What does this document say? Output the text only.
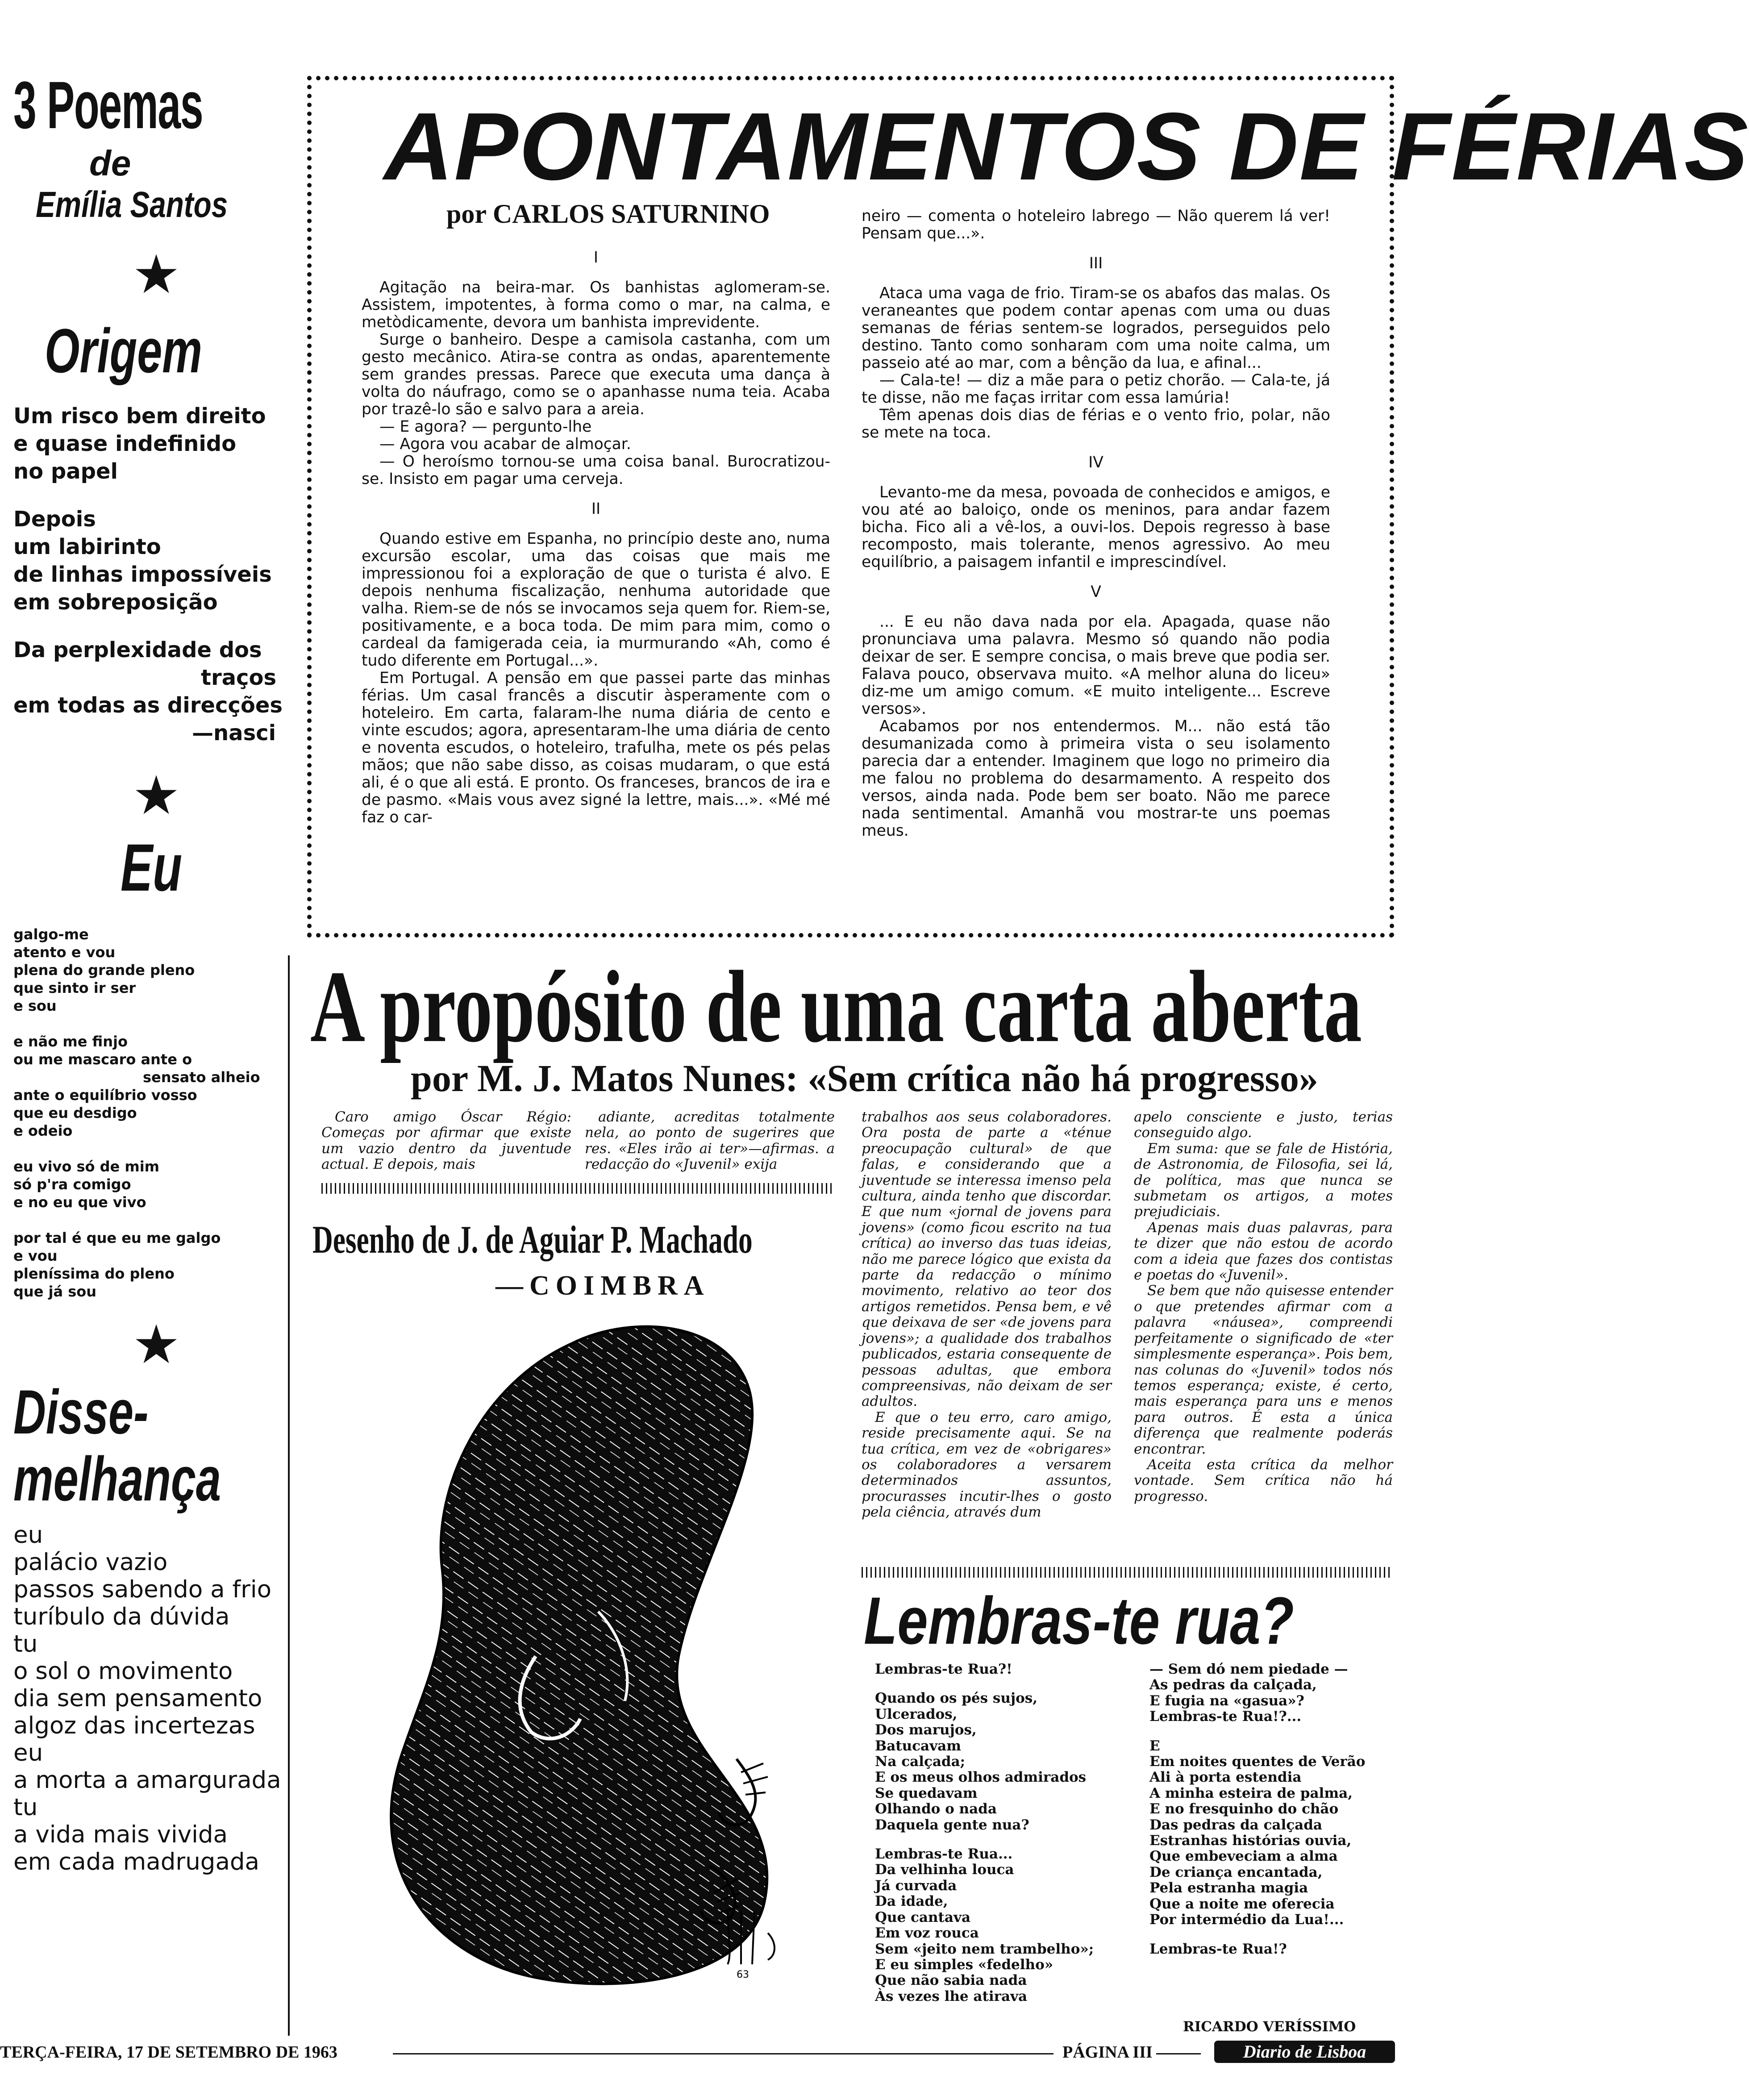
3 Poemas
de
Emília Santos
★
Origem
Um risco bem direito
e quase indefinido
no papel
Depois
um labirinto
de linhas impossíveis
em sobreposição
Da perplexidade dos
traços
em todas as direcções
—nasci
★
Eu
galgo-me
atento e vou
plena do grande pleno
que sinto ir ser
e sou
e não me finjo
ou me mascaro ante o
sensato alheio
ante o equilíbrio vosso
que eu desdigo
e odeio
eu vivo só de mim
só p'ra comigo
e no eu que vivo
por tal é que eu me galgo
e vou
pleníssima do pleno
que já sou
★
Disse-
melhança
eu
palácio vazio
passos sabendo a frio
turíbulo da dúvida
tu
o sol o movimento
dia sem pensamento
algoz das incertezas
eu
a morta a amargurada
tu
a vida mais vivida
em cada madrugada
APONTAMENTOS DE FÉRIAS
por CARLOS SATURNINO

I

Agitação na beira-mar. Os banhistas aglomeram-se. Assistem, impotentes, à forma como o mar, na calma, e metòdicamente, devora um banhista imprevidente.

Surge o banheiro. Despe a camisola castanha, com um gesto mecânico. Atira-se contra as ondas, aparentemente sem grandes pressas. Parece que executa uma dança à volta do náufrago, como se o apanhasse numa teia. Acaba por trazê-lo são e salvo para a areia.

— E agora? — pergunto-lhe

— Agora vou acabar de almoçar.

— O heroísmo tornou-se uma coisa banal. Burocratizou-se. Insisto em pagar uma cerveja.

II

Quando estive em Espanha, no princípio deste ano, numa excursão escolar, uma das coisas que mais me impressionou foi a exploração de que o turista é alvo. E depois nenhuma fiscalização, nenhuma autoridade que valha. Riem-se de nós se invocamos seja quem for. Riem-se, positivamente, e a boca toda. De mim para mim, como o cardeal da famigerada ceia, ia murmurando «Ah, como é tudo diferente em Portugal...».

Em Portugal. A pensão em que passei parte das minhas férias. Um casal francês a discutir àsperamente com o hoteleiro. Em carta, falaram-lhe numa diária de cento e vinte escudos; agora, apresentaram-lhe uma diária de cento e noventa escudos, o hoteleiro, trafulha, mete os pés pelas mãos; que não sabe disso, as coisas mudaram, o que está ali, é o que ali está. E pronto. Os franceses, brancos de ira e de pasmo. «Mais vous avez signé la lettre, mais...». «Mé mé faz o car-

neiro — comenta o hoteleiro labrego — Não querem lá ver! Pensam que...».

III

Ataca uma vaga de frio. Tiram-se os abafos das malas. Os veraneantes que podem contar apenas com uma ou duas semanas de férias sentem-se logrados, perseguidos pelo destino. Tanto como sonharam com uma noite calma, um passeio até ao mar, com a bênção da lua, e afinal...

— Cala-te! — diz a mãe para o petiz chorão. — Cala-te, já te disse, não me faças irritar com essa lamúria!

Têm apenas dois dias de férias e o vento frio, polar, não se mete na toca.

IV

Levanto-me da mesa, povoada de conhecidos e amigos, e vou até ao baloiço, onde os meninos, para andar fazem bicha. Fico ali a vê-los, a ouvi-los. Depois regresso à base recomposto, mais tolerante, menos agressivo. Ao meu equilíbrio, a paisagem infantil e imprescindível.

V

... E eu não dava nada por ela. Apagada, quase não pronunciava uma palavra. Mesmo só quando não podia deixar de ser. E sempre concisa, o mais breve que podia ser. Falava pouco, observava muito. «A melhor aluna do liceu» diz-me um amigo comum. «E muito inteligente... Escreve versos».

Acabamos por nos entendermos. M... não está tão desumanizada como à primeira vista o seu isolamento parecia dar a entender. Imaginem que logo no primeiro dia me falou no problema do desarmamento. A respeito dos versos, ainda nada. Pode bem ser boato. Não me parece nada sentimental. Amanhã vou mostrar-te uns poemas meus.

A propósito de uma carta aberta
por M. J. Matos Nunes: «Sem crítica não há progresso»

Caro amigo Óscar Régio: Começas por afirmar que existe um vazio dentro da juventude actual. E depois, mais

adiante, acreditas totalmente nela, ao ponto de sugerires que res. «Eles irão ai ter»—afirmas. a redacção do «Juvenil» exija

trabalhos aos seus colaboradores. Ora posta de parte a «ténue preocupação cultural» de que falas, e considerando que a juventude se interessa imenso pela cultura, ainda tenho que discordar. E que num «jornal de jovens para jovens» (como ficou escrito na tua crítica) ao inverso das tuas ideias, não me parece lógico que exista da parte da redacção o mínimo movimento, relativo ao teor dos artigos remetidos. Pensa bem, e vê que deixava de ser «de jovens para jovens»; a qualidade dos trabalhos publicados, estaria consequente de pessoas adultas, que embora compreensivas, não deixam de ser adultos.

E que o teu erro, caro amigo, reside precisamente aqui. Se na tua crítica, em vez de «obrigares» os colaboradores a versarem determinados assuntos, procurasses incutir-lhes o gosto pela ciência, através dum

apelo consciente e justo, terias conseguido algo.

Em suma: que se fale de História, de Astronomia, de Filosofia, sei lá, de política, mas que nunca se submetam os artigos, a motes prejudiciais.

Apenas mais duas palavras, para te dizer que não estou de acordo com a ideia que fazes dos contistas e poetas do «Juvenil».

Se bem que não quisesse entender o que pretendes afirmar com a palavra «náusea», compreendi perfeitamente o significado de «ter simplesmente esperança». Pois bem, nas colunas do «Juvenil» todos nós temos esperança; existe, é certo, mais esperança para uns e menos para outros. É esta a única diferença que realmente poderás encontrar.

Aceita esta crítica da melhor vontade. Sem crítica não há progresso.

Desenho de J. de Aguiar P. Machado
—COIMBRA
63
Lembras-te rua?
Lembras-te Rua?!
Quando os pés sujos,
Ulcerados,
Dos marujos,
Batucavam
Na calçada;
E os meus olhos admirados
Se quedavam
Olhando o nada
Daquela gente nua?
Lembras-te Rua...
Da velhinha louca
Já curvada
Da idade,
Que cantava
Em voz rouca
Sem «jeito nem trambelho»;
E eu simples «fedelho»
Que não sabia nada
Às vezes lhe atirava
— Sem dó nem piedade —
As pedras da calçada,
E fugia na «gasua»?
Lembras-te Rua!?...
E
Em noites quentes de Verão
Ali à porta estendia
A minha esteira de palma,
E no fresquinho do chão
Das pedras da calçada
Estranhas histórias ouvia,
Que embeveciam a alma
De criança encantada,
Pela estranha magia
Que a noite me oferecia
Por intermédio da Lua!...
Lembras-te Rua!?
RICARDO VERÍSSIMO
TERÇA-FEIRA, 17 DE SETEMBRO DE 1963	PÁGINA III	Diario de Lisboa
